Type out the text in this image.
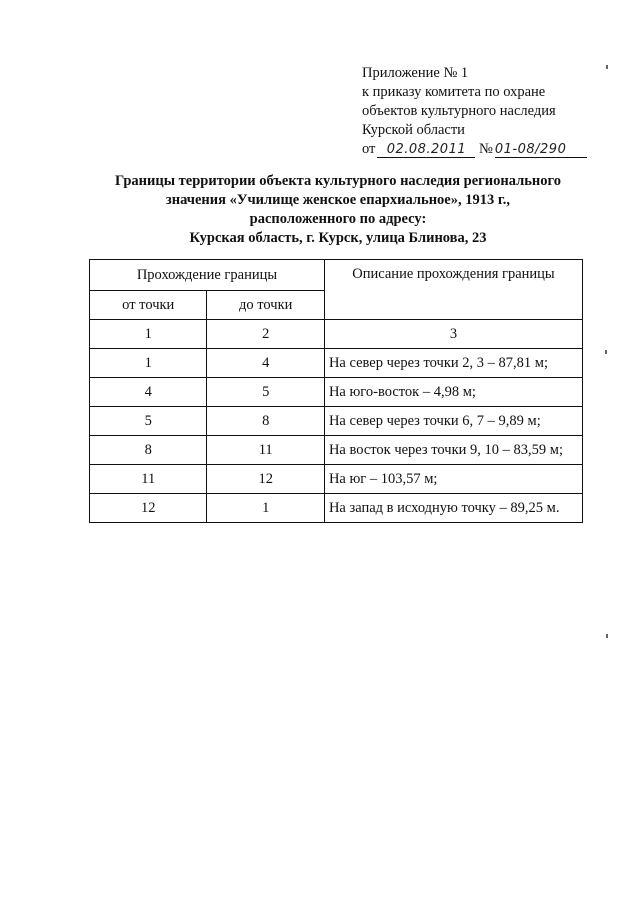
Приложение № 1
к приказу комитета по охране
объектов культурного наследия
Курской области
от 02.08.2011 № 01-08/290
Границы территории объекта культурного наследия регионального
значения «Училище женское епархиальное», 1913 г.,
расположенного по адресу:
Курская область, г. Курск, улица Блинова, 23
Прохождение границы		Описание прохождения границы
от точки	до точки	
1	2	3
1	4	На север через точки 2, 3 – 87,81 м;
4	5	На юго-восток – 4,98 м;
5	8	На север через точки 6, 7 – 9,89 м;
8	11	На восток через точки 9, 10 – 83,59 м;
11	12	На юг – 103,57 м;
12	1	На запад в исходную точку – 89,25 м.
